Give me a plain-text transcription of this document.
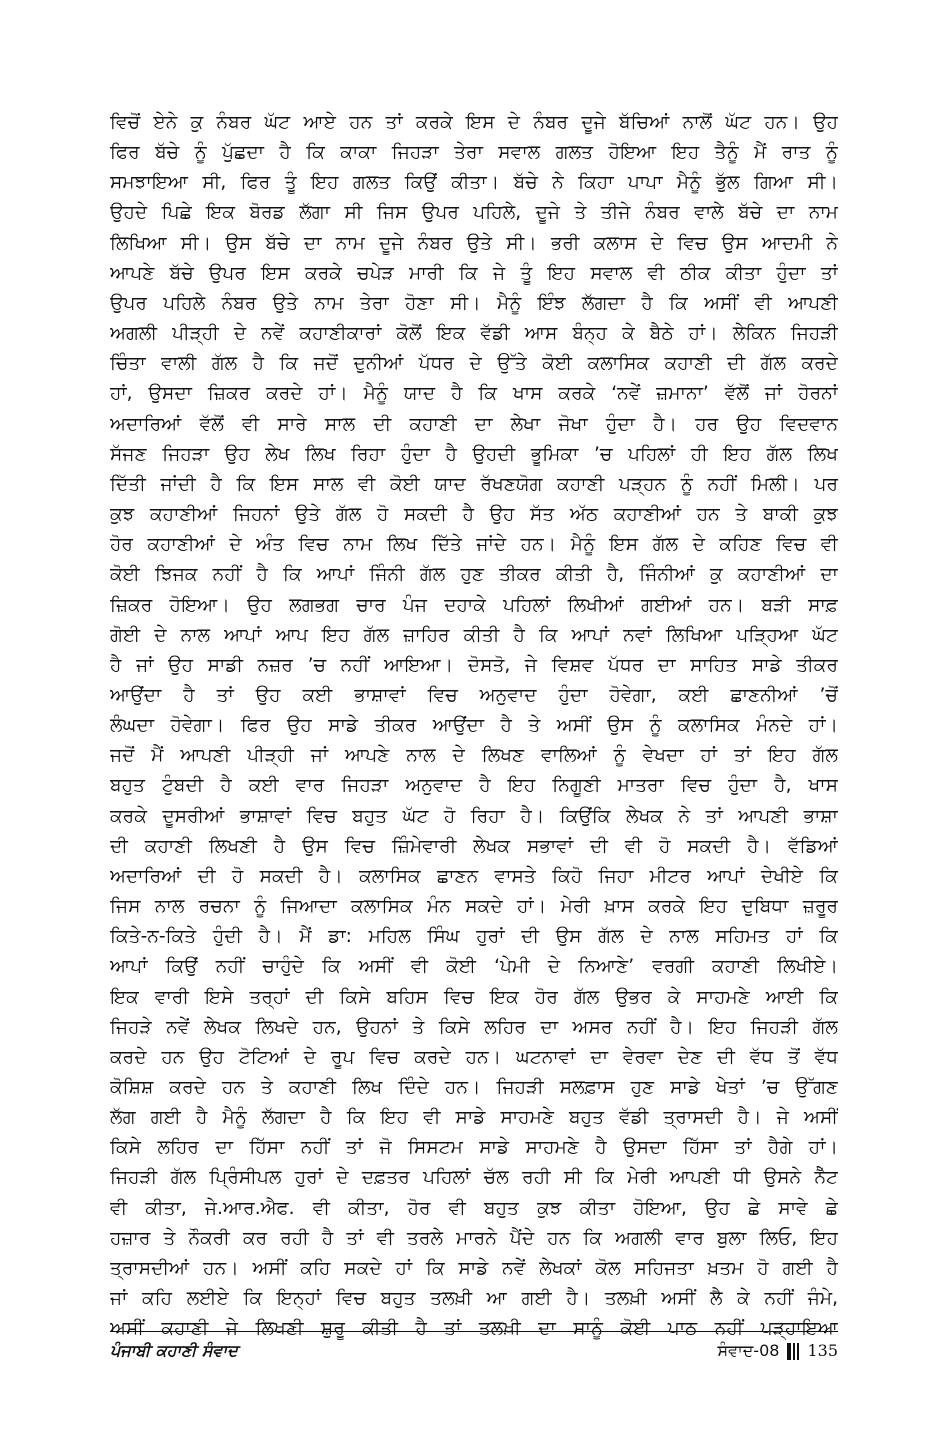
ਵਿਚੋਂ ਏਨੇ ਕੁ ਨੰਬਰ ਘੱਟ ਆਏ ਹਨ ਤਾਂ ਕਰਕੇ ਇਸ ਦੇ ਨੰਬਰ ਦੂਜੇ ਬੱਚਿਆਂ ਨਾਲੋਂ ਘੱਟ ਹਨ। ਉਹ
ਫਿਰ ਬੱਚੇ ਨੂੰ ਪੁੱਛਦਾ ਹੈ ਕਿ ਕਾਕਾ ਜਿਹੜਾ ਤੇਰਾ ਸਵਾਲ ਗਲਤ ਹੋਇਆ ਇਹ ਤੈਨੂੰ ਮੈਂ ਰਾਤ ਨੂੰ
ਸਮਝਾਇਆ ਸੀ, ਫਿਰ ਤੂੰ ਇਹ ਗਲਤ ਕਿਉਂ ਕੀਤਾ। ਬੱਚੇ ਨੇ ਕਿਹਾ ਪਾਪਾ ਮੈਨੂੰ ਭੁੱਲ ਗਿਆ ਸੀ।
ਉਹਦੇ ਪਿਛੇ ਇਕ ਬੋਰਡ ਲੱਗਾ ਸੀ ਜਿਸ ਉਪਰ ਪਹਿਲੇ, ਦੂਜੇ ਤੇ ਤੀਜੇ ਨੰਬਰ ਵਾਲੇ ਬੱਚੇ ਦਾ ਨਾਮ
ਲਿਖਿਆ ਸੀ। ਉਸ ਬੱਚੇ ਦਾ ਨਾਮ ਦੂਜੇ ਨੰਬਰ ਉਤੇ ਸੀ। ਭਰੀ ਕਲਾਸ ਦੇ ਵਿਚ ਉਸ ਆਦਮੀ ਨੇ
ਆਪਣੇ ਬੱਚੇ ਉਪਰ ਇਸ ਕਰਕੇ ਚਪੇੜ ਮਾਰੀ ਕਿ ਜੇ ਤੂੰ ਇਹ ਸਵਾਲ ਵੀ ਠੀਕ ਕੀਤਾ ਹੁੰਦਾ ਤਾਂ
ਉਪਰ ਪਹਿਲੇ ਨੰਬਰ ਉਤੇ ਨਾਮ ਤੇਰਾ ਹੋਣਾ ਸੀ। ਮੈਨੂੰ ਇੰਝ ਲੱਗਦਾ ਹੈ ਕਿ ਅਸੀਂ ਵੀ ਆਪਣੀ
ਅਗਲੀ ਪੀੜ੍ਹੀ ਦੇ ਨਵੇਂ ਕਹਾਣੀਕਾਰਾਂ ਕੋਲੋਂ ਇਕ ਵੱਡੀ ਆਸ ਬੰਨ੍ਹ ਕੇ ਬੈਠੇ ਹਾਂ। ਲੇਕਿਨ ਜਿਹੜੀ
ਚਿੰਤਾ ਵਾਲੀ ਗੱਲ ਹੈ ਕਿ ਜਦੋਂ ਦੁਨੀਆਂ ਪੱਧਰ ਦੇ ਉੱਤੇ ਕੋਈ ਕਲਾਸਿਕ ਕਹਾਣੀ ਦੀ ਗੱਲ ਕਰਦੇ
ਹਾਂ, ਉਸਦਾ ਜ਼ਿਕਰ ਕਰਦੇ ਹਾਂ। ਮੈਨੂੰ ਯਾਦ ਹੈ ਕਿ ਖਾਸ ਕਰਕੇ ‘ਨਵੇਂ ਜ਼ਮਾਨਾ’ ਵੱਲੋਂ ਜਾਂ ਹੋਰਨਾਂ
ਅਦਾਰਿਆਂ ਵੱਲੋਂ ਵੀ ਸਾਰੇ ਸਾਲ ਦੀ ਕਹਾਣੀ ਦਾ ਲੇਖਾ ਜੋਖਾ ਹੁੰਦਾ ਹੈ। ਹਰ ਉਹ ਵਿਦਵਾਨ
ਸੱਜਣ ਜਿਹੜਾ ਉਹ ਲੇਖ ਲਿਖ ਰਿਹਾ ਹੁੰਦਾ ਹੈ ਉਹਦੀ ਭੂਮਿਕਾ ’ਚ ਪਹਿਲਾਂ ਹੀ ਇਹ ਗੱਲ ਲਿਖ
ਦਿੱਤੀ ਜਾਂਦੀ ਹੈ ਕਿ ਇਸ ਸਾਲ ਵੀ ਕੋਈ ਯਾਦ ਰੱਖਣਯੋਗ ਕਹਾਣੀ ਪੜ੍ਹਨ ਨੂੰ ਨਹੀਂ ਮਿਲੀ। ਪਰ
ਕੁਝ ਕਹਾਣੀਆਂ ਜਿਹਨਾਂ ਉਤੇ ਗੱਲ ਹੋ ਸਕਦੀ ਹੈ ਉਹ ਸੱਤ ਅੱਠ ਕਹਾਣੀਆਂ ਹਨ ਤੇ ਬਾਕੀ ਕੁਝ
ਹੋਰ ਕਹਾਣੀਆਂ ਦੇ ਅੰਤ ਵਿਚ ਨਾਮ ਲਿਖ ਦਿੱਤੇ ਜਾਂਦੇ ਹਨ। ਮੈਨੂੰ ਇਸ ਗੱਲ ਦੇ ਕਹਿਣ ਵਿਚ ਵੀ
ਕੋਈ ਝਿਜਕ ਨਹੀਂ ਹੈ ਕਿ ਆਪਾਂ ਜਿੰਨੀ ਗੱਲ ਹੁਣ ਤੀਕਰ ਕੀਤੀ ਹੈ, ਜਿੰਨੀਆਂ ਕੁ ਕਹਾਣੀਆਂ ਦਾ
ਜ਼ਿਕਰ ਹੋਇਆ। ਉਹ ਲਗਭਗ ਚਾਰ ਪੰਜ ਦਹਾਕੇ ਪਹਿਲਾਂ ਲਿਖੀਆਂ ਗਈਆਂ ਹਨ। ਬੜੀ ਸਾਫ਼
ਗੋਈ ਦੇ ਨਾਲ ਆਪਾਂ ਆਪ ਇਹ ਗੱਲ ਜ਼ਾਹਿਰ ਕੀਤੀ ਹੈ ਕਿ ਆਪਾਂ ਨਵਾਂ ਲਿਖਿਆ ਪੜ੍ਹਿਆ ਘੱਟ
ਹੈ ਜਾਂ ਉਹ ਸਾਡੀ ਨਜ਼ਰ ’ਚ ਨਹੀਂ ਆਇਆ। ਦੋਸਤੋ, ਜੇ ਵਿਸ਼ਵ ਪੱਧਰ ਦਾ ਸਾਹਿਤ ਸਾਡੇ ਤੀਕਰ
ਆਉਂਦਾ ਹੈ ਤਾਂ ਉਹ ਕਈ ਭਾਸ਼ਾਵਾਂ ਵਿਚ ਅਨੁਵਾਦ ਹੁੰਦਾ ਹੋਵੇਗਾ, ਕਈ ਛਾਣਨੀਆਂ ’ਚੋਂ
ਲੰਘਦਾ ਹੋਵੇਗਾ। ਫਿਰ ਉਹ ਸਾਡੇ ਤੀਕਰ ਆਉਂਦਾ ਹੈ ਤੇ ਅਸੀਂ ਉਸ ਨੂੰ ਕਲਾਸਿਕ ਮੰਨਦੇ ਹਾਂ।
ਜਦੋਂ ਮੈਂ ਆਪਣੀ ਪੀੜ੍ਹੀ ਜਾਂ ਆਪਣੇ ਨਾਲ ਦੇ ਲਿਖਣ ਵਾਲਿਆਂ ਨੂੰ ਵੇਖਦਾ ਹਾਂ ਤਾਂ ਇਹ ਗੱਲ
ਬਹੁਤ ਟੁੰਬਦੀ ਹੈ ਕਈ ਵਾਰ ਜਿਹੜਾ ਅਨੁਵਾਦ ਹੈ ਇਹ ਨਿਗੂਣੀ ਮਾਤਰਾ ਵਿਚ ਹੁੰਦਾ ਹੈ, ਖਾਸ
ਕਰਕੇ ਦੂਸਰੀਆਂ ਭਾਸ਼ਾਵਾਂ ਵਿਚ ਬਹੁਤ ਘੱਟ ਹੋ ਰਿਹਾ ਹੈ। ਕਿਉਂਕਿ ਲੇਖਕ ਨੇ ਤਾਂ ਆਪਣੀ ਭਾਸ਼ਾ
ਦੀ ਕਹਾਣੀ ਲਿਖਣੀ ਹੈ ਉਸ ਵਿਚ ਜ਼ਿੰਮੇਵਾਰੀ ਲੇਖਕ ਸਭਾਵਾਂ ਦੀ ਵੀ ਹੋ ਸਕਦੀ ਹੈ। ਵੱਡਿਆਂ
ਅਦਾਰਿਆਂ ਦੀ ਹੋ ਸਕਦੀ ਹੈ। ਕਲਾਸਿਕ ਛਾਣਨ ਵਾਸਤੇ ਕਿਹੋ ਜਿਹਾ ਮੀਟਰ ਆਪਾਂ ਦੇਖੀਏ ਕਿ
ਜਿਸ ਨਾਲ ਰਚਨਾ ਨੂੰ ਜਿਆਦਾ ਕਲਾਸਿਕ ਮੰਨ ਸਕਦੇ ਹਾਂ। ਮੇਰੀ ਖ਼ਾਸ ਕਰਕੇ ਇਹ ਦੁਬਿਧਾ ਜ਼ਰੂਰ
ਕਿਤੇ-ਨ-ਕਿਤੇ ਹੁੰਦੀ ਹੈ। ਮੈਂ ਡਾ: ਮਹਿਲ ਸਿੰਘ ਹੁਰਾਂ ਦੀ ਉਸ ਗੱਲ ਦੇ ਨਾਲ ਸਹਿਮਤ ਹਾਂ ਕਿ
ਆਪਾਂ ਕਿਉਂ ਨਹੀਂ ਚਾਹੁੰਦੇ ਕਿ ਅਸੀਂ ਵੀ ਕੋਈ ‘ਪੇਮੀ ਦੇ ਨਿਆਣੇ’ ਵਰਗੀ ਕਹਾਣੀ ਲਿਖੀਏ।
ਇਕ ਵਾਰੀ ਇਸੇ ਤਰ੍ਹਾਂ ਦੀ ਕਿਸੇ ਬਹਿਸ ਵਿਚ ਇਕ ਹੋਰ ਗੱਲ ਉਭਰ ਕੇ ਸਾਹਮਣੇ ਆਈ ਕਿ
ਜਿਹੜੇ ਨਵੇਂ ਲੇਖਕ ਲਿਖਦੇ ਹਨ, ਉਹਨਾਂ ਤੇ ਕਿਸੇ ਲਹਿਰ ਦਾ ਅਸਰ ਨਹੀਂ ਹੈ। ਇਹ ਜਿਹੜੀ ਗੱਲ
ਕਰਦੇ ਹਨ ਉਹ ਟੋਟਿਆਂ ਦੇ ਰੂਪ ਵਿਚ ਕਰਦੇ ਹਨ। ਘਟਨਾਵਾਂ ਦਾ ਵੇਰਵਾ ਦੇਣ ਦੀ ਵੱਧ ਤੋਂ ਵੱਧ
ਕੋਸ਼ਿਸ਼ ਕਰਦੇ ਹਨ ਤੇ ਕਹਾਣੀ ਲਿਖ ਦਿੰਦੇ ਹਨ। ਜਿਹੜੀ ਸਲਫ਼ਾਸ ਹੁਣ ਸਾਡੇ ਖੇਤਾਂ ’ਚ ਉੱਗਣ
ਲੱਗ ਗਈ ਹੈ ਮੈਨੂੰ ਲੱਗਦਾ ਹੈ ਕਿ ਇਹ ਵੀ ਸਾਡੇ ਸਾਹਮਣੇ ਬਹੁਤ ਵੱਡੀ ਤ੍ਰਾਸਦੀ ਹੈ। ਜੇ ਅਸੀਂ
ਕਿਸੇ ਲਹਿਰ ਦਾ ਹਿੱਸਾ ਨਹੀਂ ਤਾਂ ਜੋ ਸਿਸਟਮ ਸਾਡੇ ਸਾਹਮਣੇ ਹੈ ਉਸਦਾ ਹਿੱਸਾ ਤਾਂ ਹੈਗੇ ਹਾਂ।
ਜਿਹੜੀ ਗੱਲ ਪ੍ਰਿੰਸੀਪਲ ਹੁਰਾਂ ਦੇ ਦਫ਼ਤਰ ਪਹਿਲਾਂ ਚੱਲ ਰਹੀ ਸੀ ਕਿ ਮੇਰੀ ਆਪਣੀ ਧੀ ਉਸਨੇ ਨੈੱਟ
ਵੀ ਕੀਤਾ, ਜੇ.ਆਰ.ਐਫ. ਵੀ ਕੀਤਾ, ਹੋਰ ਵੀ ਬਹੁਤ ਕੁਝ ਕੀਤਾ ਹੋਇਆ, ਉਹ ਛੇ ਸਾਵੇ ਛੇ
ਹਜ਼ਾਰ ਤੇ ਨੌਕਰੀ ਕਰ ਰਹੀ ਹੈ ਤਾਂ ਵੀ ਤਰਲੇ ਮਾਰਨੇ ਪੈਂਦੇ ਹਨ ਕਿ ਅਗਲੀ ਵਾਰ ਬੁਲਾ ਲਿਓ, ਇਹ
ਤ੍ਰਾਸਦੀਆਂ ਹਨ। ਅਸੀਂ ਕਹਿ ਸਕਦੇ ਹਾਂ ਕਿ ਸਾਡੇ ਨਵੇਂ ਲੇਖਕਾਂ ਕੋਲ ਸਹਿਜਤਾ ਖ਼ਤਮ ਹੋ ਗਈ ਹੈ
ਜਾਂ ਕਹਿ ਲਈਏ ਕਿ ਇਨ੍ਹਾਂ ਵਿਚ ਬਹੁਤ ਤਲਖ਼ੀ ਆ ਗਈ ਹੈ। ਤਲਖ਼ੀ ਅਸੀਂ ਲੈ ਕੇ ਨਹੀਂ ਜੰਮੇ,
ਅਸੀਂ ਕਹਾਣੀ ਜੇ ਲਿਖਣੀ ਸ਼ੁਰੂ ਕੀਤੀ ਹੈ ਤਾਂ ਤਲਖ਼ੀ ਦਾ ਸਾਨੂੰ ਕੋਈ ਪਾਠ ਨਹੀਂ ਪੜ੍ਹਾਇਆ
ਪੰਜਾਬੀ ਕਹਾਣੀ ਸੰਵਾਦ	ਸੰਵਾਦ-08 135
